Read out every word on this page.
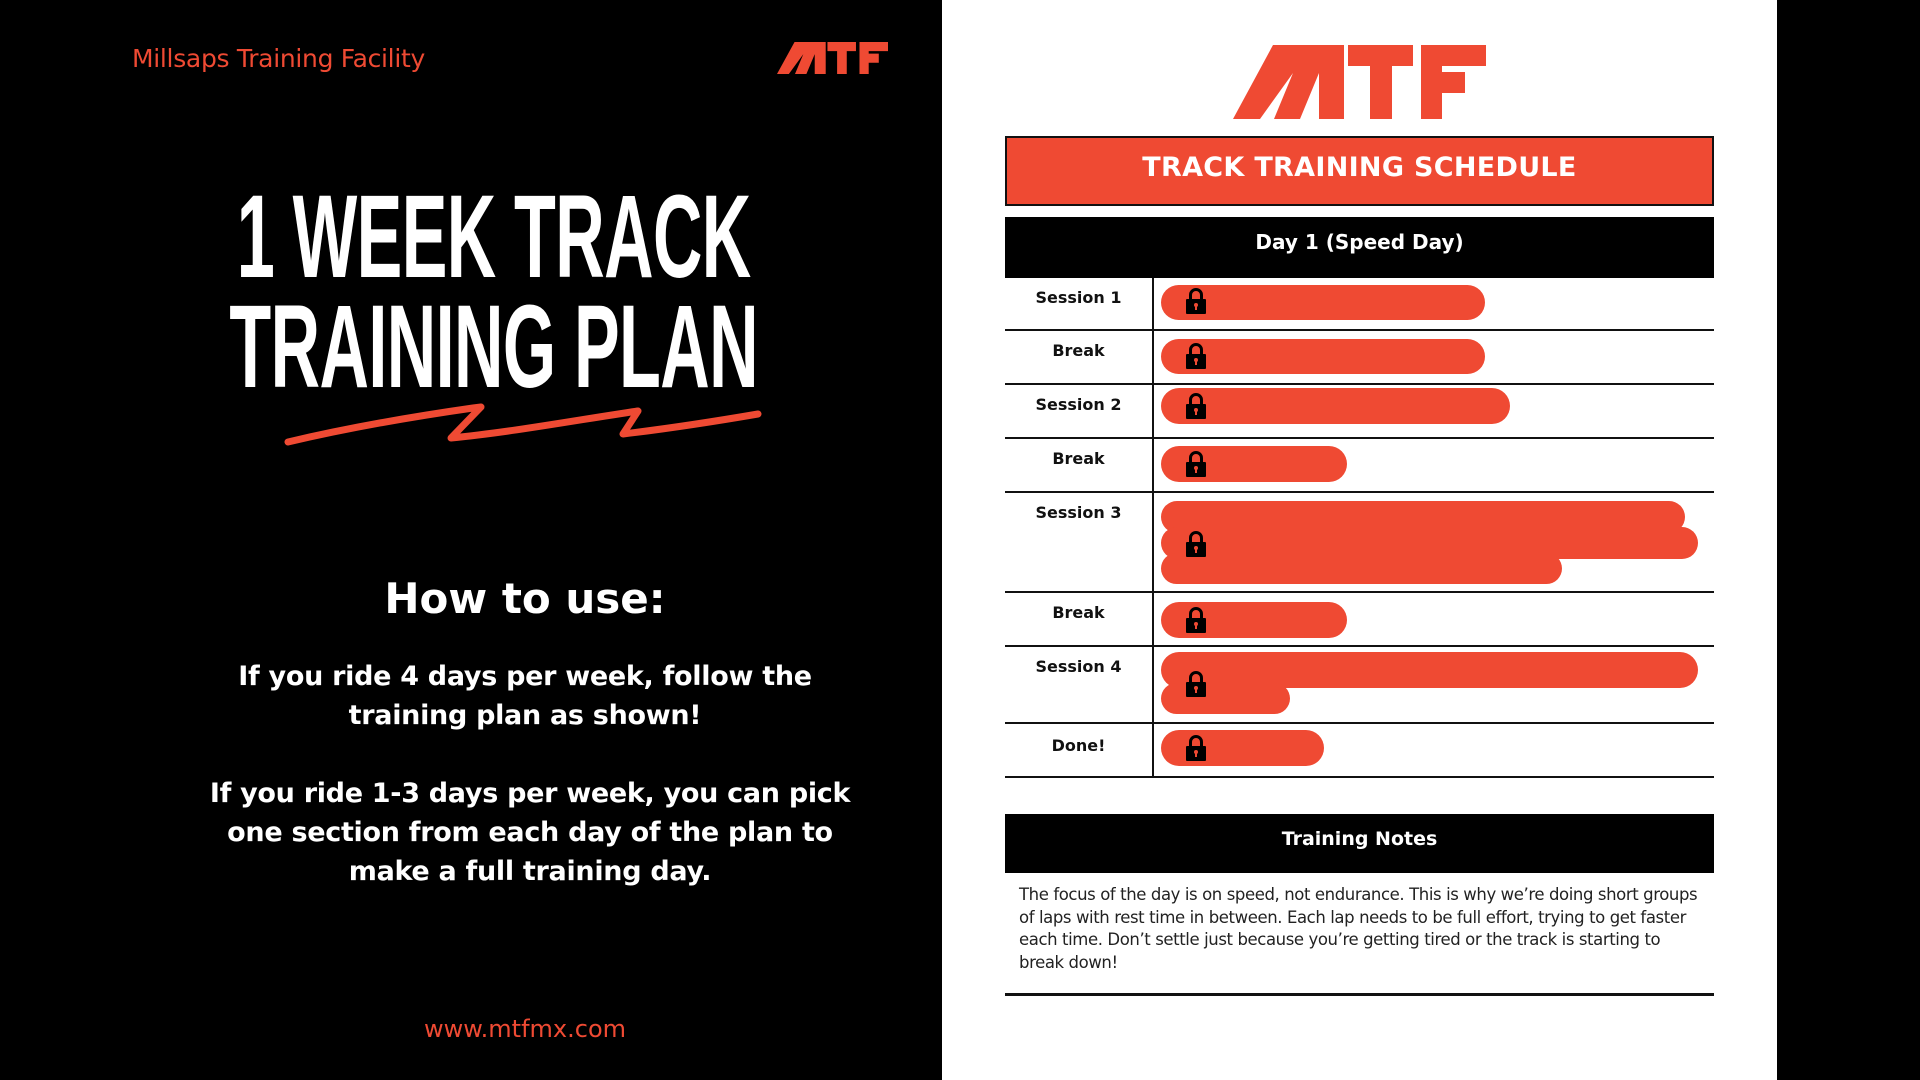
Millsaps Training Facility
1 WEEK TRACK
TRAINING PLAN
How to use:
If you ride 4 days per week, follow the training plan as shown!
If you ride 1-3 days per week, you can pick one section from each day of the plan to make a full training day.
www.mtfmx.com
TRACK TRAINING SCHEDULE
Day 1 (Speed Day)
Session 1
Break
Session 2
Break
Session 3
Break
Session 4
Done!
Training Notes
The focus of the day is on speed, not endurance. This is why we’re doing short groups of laps with rest time in between. Each lap needs to be full effort, trying to get faster each time. Don’t settle just because you’re getting tired or the track is starting to break down!
